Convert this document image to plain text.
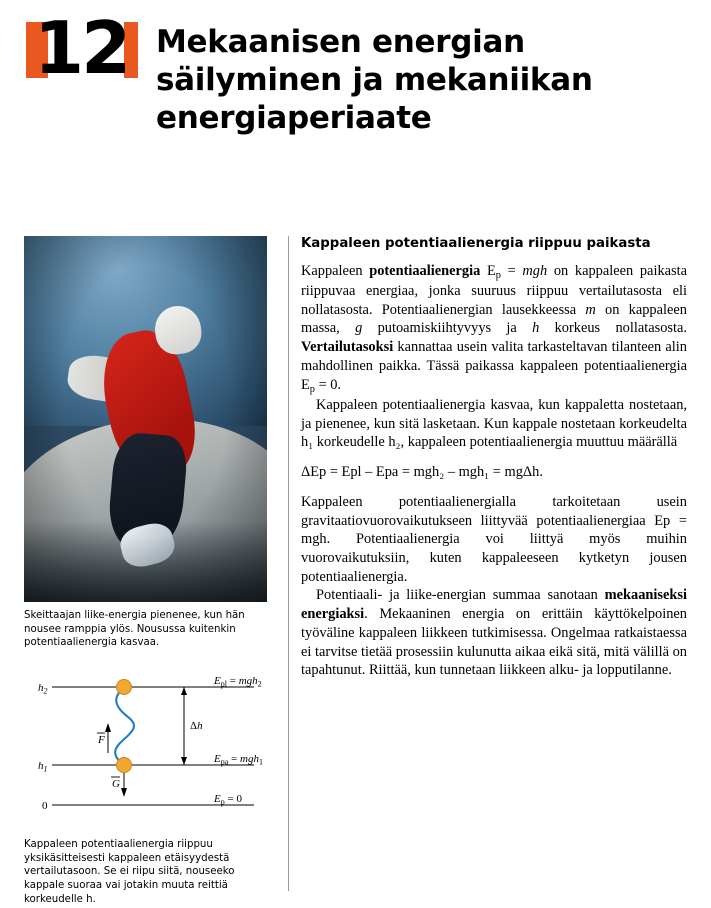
12 Mekaanisen energian säilyminen ja mekaniikan energiaperiaate
Skeittaajan liike-energia pienenee, kun hän nousee ramppia ylös. Nousussa kuitenkin potentiaalienergia kasvaa.
$h_2$
$h_1$
0
Δh
F
G
$E_{pl} = mgh_2$
$E_{pa} = mgh_1$
$E_p = 0$
Kappaleen potentiaalienergia riippuu yksikäsitteisesti kappaleen etäisyydestä vertailutasoon. Se ei riipu siitä, nouseeko kappale suoraa vai jotakin muuta reittiä korkeudelle h.
Kappaleen potentiaalienergia riippuu paikasta

Kappaleen potentiaalienergia $E_p$ = mgh on kappaleen paikasta riippuvaa energiaa, jonka suuruus riippuu vertailutasosta eli nollatasosta. Potentiaalienergian lausekkeessa m on kappaleen massa, g putoamiskiihtyvyys ja h korkeus nollatasosta. Vertailutasoksi kannattaa usein valita tarkasteltavan tilanteen alin mahdollinen paikka. Tässä paikassa kappaleen potentiaalienergia $E_p = 0$.

Kappaleen potentiaalienergia kasvaa, kun kappaletta nostetaan, ja pienenee, kun sitä lasketaan. Kun kappale nostetaan korkeudelta h₁ korkeudelle h₂, kappaleen potentiaalienergia muuttuu määrällä

ΔEp = Epl – Epa = mgh₂ – mgh₁ = mgΔh.

Kappaleen potentiaalienergialla tarkoitetaan usein gravitaatiovuorovaikutukseen liittyvää potentiaalienergiaa Ep = mgh. Potentiaalienergia voi liittyä myös muihin vuorovaikutuksiin, kuten kappaleeseen kytketyn jousen potentiaalienergia.

Potentiaali- ja liike-energian summaa sanotaan mekaaniseksi energiaksi. Mekaaninen energia on erittäin käyttökelpoinen työväline kappaleen liikkeen tutkimisessa. Ongelmaa ratkaistaessa ei tarvitse tietää prosessiin kulunutta aikaa eikä sitä, mitä välillä on tapahtunut. Riittää, kun tunnetaan liikkeen alku- ja lopputilanne.
